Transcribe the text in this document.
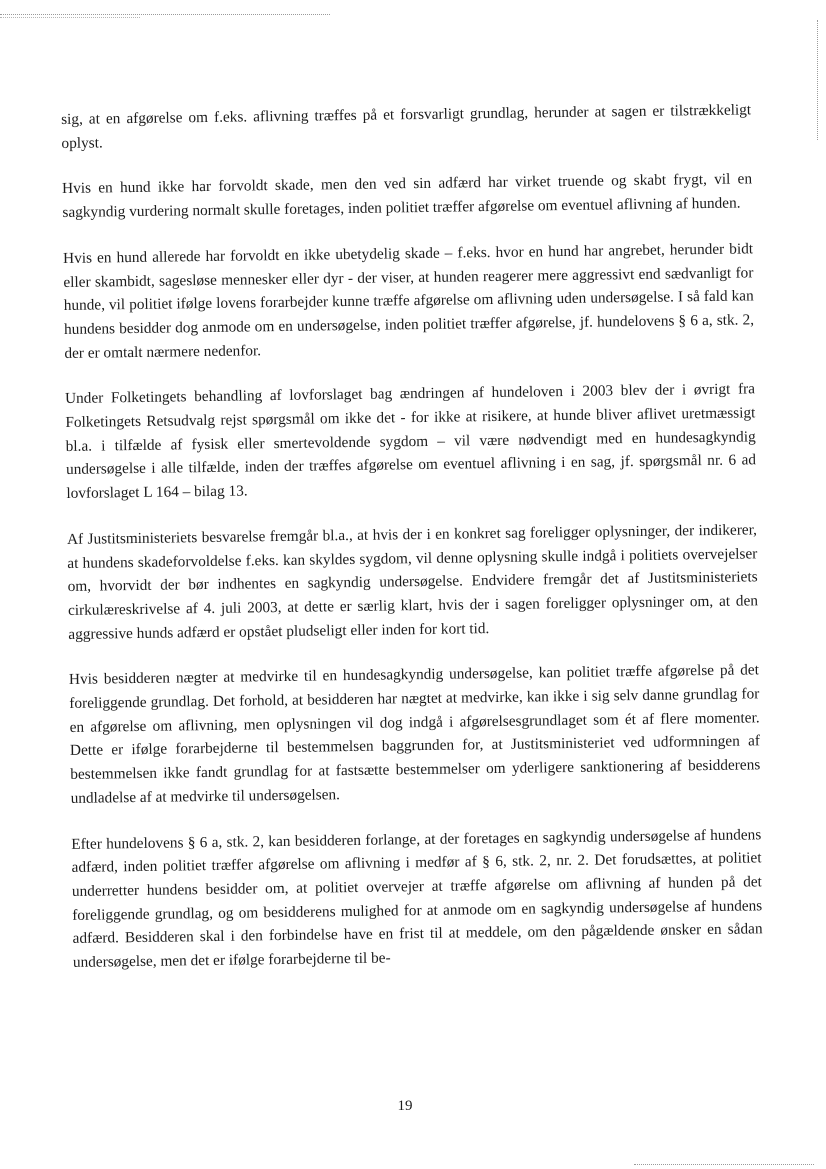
sig, at en afgørelse om f.eks. aflivning træffes på et forsvarligt grundlag, herunder at sagen er tilstrækkeligt oplyst.

Hvis en hund ikke har forvoldt skade, men den ved sin adfærd har virket truende og skabt frygt, vil en sagkyndig vurdering normalt skulle foretages, inden politiet træffer afgørelse om eventuel aflivning af hunden.

Hvis en hund allerede har forvoldt en ikke ubetydelig skade – f.eks. hvor en hund har angrebet, herunder bidt eller skambidt, sagesløse mennesker eller dyr - der viser, at hunden reagerer mere aggressivt end sædvanligt for hunde, vil politiet ifølge lovens forarbejder kunne træffe afgørelse om aflivning uden undersøgelse. I så fald kan hundens besidder dog anmode om en undersøgelse, inden politiet træffer afgørelse, jf. hundelovens § 6 a, stk. 2, der er omtalt nærmere nedenfor.

Under Folketingets behandling af lovforslaget bag ændringen af hundeloven i 2003 blev der i øvrigt fra Folketingets Retsudvalg rejst spørgsmål om ikke det - for ikke at risikere, at hunde bliver aflivet uretmæssigt bl.a. i tilfælde af fysisk eller smertevoldende sygdom – vil være nødvendigt med en hundesagkyndig undersøgelse i alle tilfælde, inden der træffes afgørelse om eventuel aflivning i en sag, jf. spørgsmål nr. 6 ad lovforslaget L 164 – bilag 13.

Af Justitsministeriets besvarelse fremgår bl.a., at hvis der i en konkret sag foreligger oplysninger, der indikerer, at hundens skadeforvoldelse f.eks. kan skyldes sygdom, vil denne oplysning skulle indgå i politiets overvejelser om, hvorvidt der bør indhentes en sagkyndig undersøgelse. Endvidere fremgår det af Justitsministeriets cirkulæreskrivelse af 4. juli 2003, at dette er særlig klart, hvis der i sagen foreligger oplysninger om, at den aggressive hunds adfærd er opstået pludseligt eller inden for kort tid.

Hvis besidderen nægter at medvirke til en hundesagkyndig undersøgelse, kan politiet træffe afgørelse på det foreliggende grundlag. Det forhold, at besidderen har nægtet at medvirke, kan ikke i sig selv danne grundlag for en afgørelse om aflivning, men oplysningen vil dog indgå i afgørelsesgrundlaget som ét af flere momenter. Dette er ifølge forarbejderne til bestemmelsen baggrunden for, at Justitsministeriet ved udformningen af bestemmelsen ikke fandt grundlag for at fastsætte bestemmelser om yderligere sanktionering af besidderens undladelse af at medvirke til undersøgelsen.

Efter hundelovens § 6 a, stk. 2, kan besidderen forlange, at der foretages en sagkyndig undersøgelse af hundens adfærd, inden politiet træffer afgørelse om aflivning i medfør af § 6, stk. 2, nr. 2. Det forudsættes, at politiet underretter hundens besidder om, at politiet overvejer at træffe afgørelse om aflivning af hunden på det foreliggende grundlag, og om besidderens mulighed for at anmode om en sagkyndig undersøgelse af hundens adfærd. Besidderen skal i den forbindelse have en frist til at meddele, om den pågældende ønsker en sådan undersøgelse, men det er ifølge forarbejderne til be-

19
